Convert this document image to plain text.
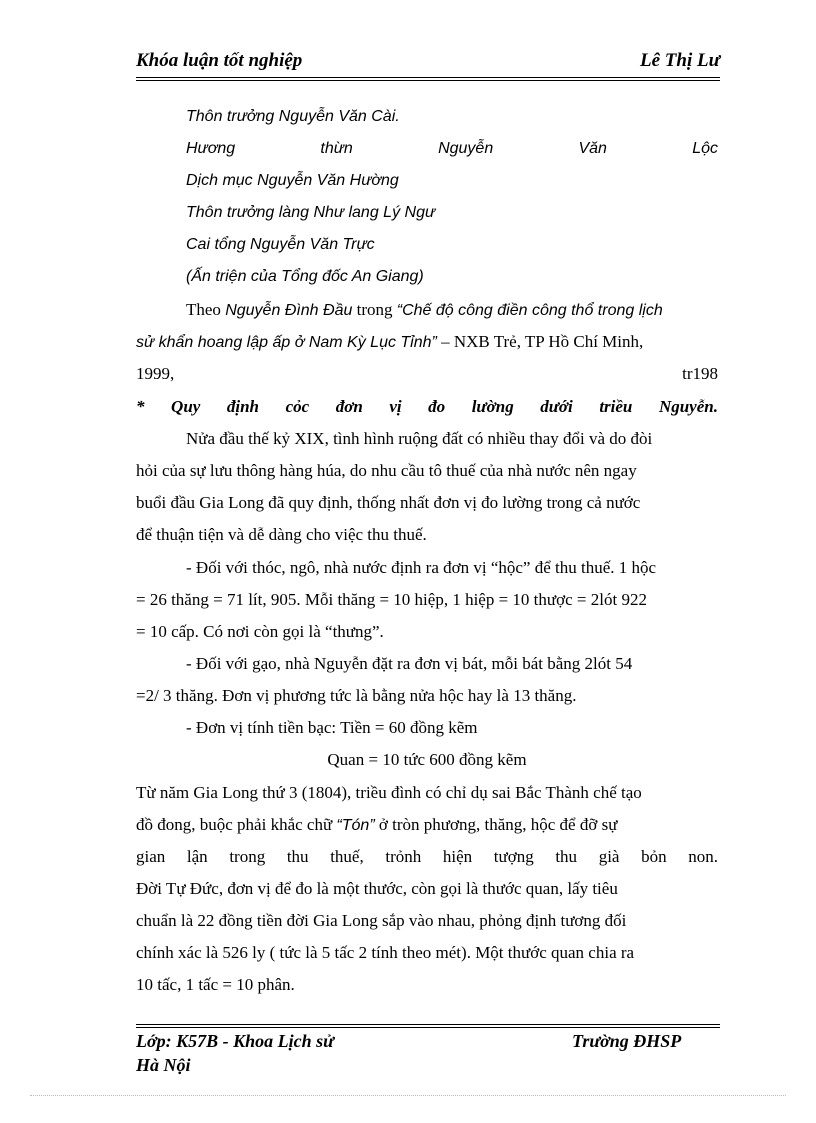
Khóa luận tốt nghiệp	Lê Thị Lư
Thôn trưởng Nguyễn Văn Cài.
Hương	thừn	Nguyễn	Văn	Lộc
Dịch mục Nguyễn Văn Hường
Thôn trưởng làng Như lang Lý Ngư
Cai tổng Nguyễn Văn Trực
(Ấn triện của Tổng đốc An Giang)
Theo Nguyễn Đình Đầu trong “Chế độ công điền công thổ trong lịch
sử khẩn hoang lập ấp ở Nam Kỳ Lục Tỉnh” – NXB Trẻ, TP Hồ Chí Minh,
1999,	tr198
* Quy định cỏc đơn vị đo lường dưới triều Nguyễn.
Nửa đầu thế kỷ XIX, tình hình ruộng đất có nhiều thay đổi và do đòi
hỏi của sự lưu thông hàng húa, do nhu cầu tô thuế của nhà nước nên ngay
buổi đầu Gia Long đã quy định, thống nhất đơn vị đo lường trong cả nước
để thuận tiện và dễ dàng cho việc thu thuế.
- Đối với thóc, ngô, nhà nước định ra đơn vị “hộc” để thu thuế. 1 hộc
= 26 thăng = 71 lít, 905. Mỗi thăng = 10 hiệp, 1 hiệp = 10 thược = 2lót 922
= 10 cấp. Có nơi còn gọi là “thưng”.
- Đối với gạo, nhà Nguyễn đặt ra đơn vị bát, mỗi bát bằng 2lót 54
=2/ 3 thăng. Đơn vị phương tức là bằng nửa hộc hay là 13 thăng.
- Đơn vị tính tiền bạc: Tiền = 60 đồng kẽm
Quan = 10 tức 600 đồng kẽm
Từ năm Gia Long thứ 3 (1804), triều đình có chỉ dụ sai Bắc Thành chế tạo
đồ đong, buộc phải khắc chữ “Tón” ở tròn phương, thăng, hộc để đỡ sự
gian lận trong thu thuế, trỏnh hiện tượng thu già bỏn non.
Đời Tự Đức, đơn vị để đo là một thước, còn gọi là thước quan, lấy tiêu
chuẩn là 22 đồng tiền đời Gia Long sắp vào nhau, phỏng định tương đối
chính xác là 526 ly ( tức là 5 tấc 2 tính theo mét). Một thước quan chia ra
10 tấc, 1 tấc = 10 phân.
Lớp: K57B - Khoa Lịch sử	Trường ĐHSP
Hà Nội
